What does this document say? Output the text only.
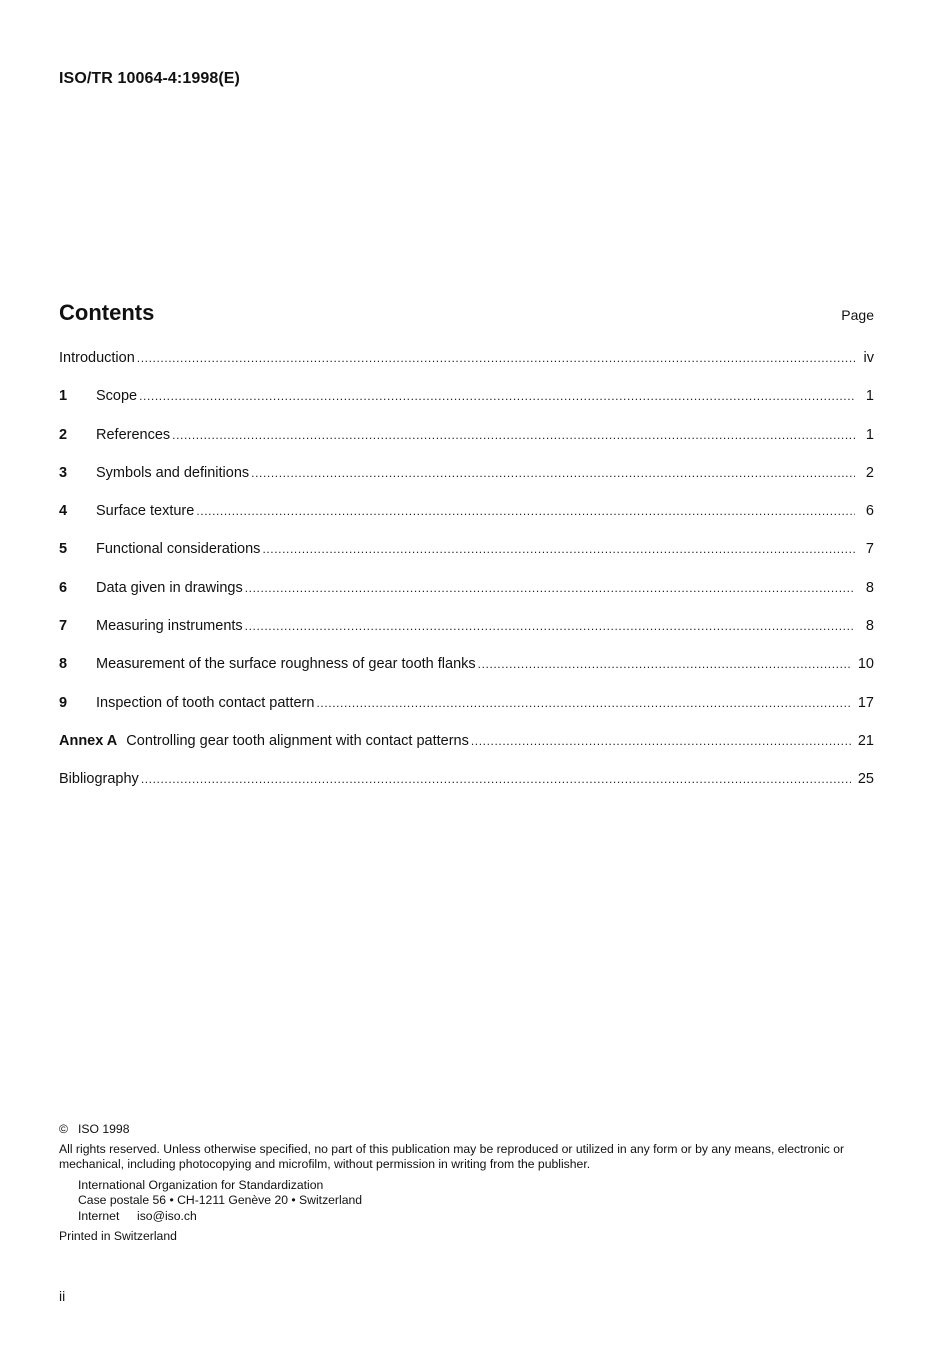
ISO/TR 10064-4:1998(E)
Contents	Page
Introduction .....	iv
1	Scope .....	1
2	References .....	1
3	Symbols and definitions .....	2
4	Surface texture .....	6
5	Functional considerations .....	7
6	Data given in drawings .....	8
7	Measuring instruments .....	8
8	Measurement of the surface roughness of gear tooth flanks .....	10
9	Inspection of tooth contact pattern .....	17
Annex A Controlling gear tooth alignment with contact patterns .....	21
Bibliography .....	25
© ISO 1998
All rights reserved. Unless otherwise specified, no part of this publication may be reproduced or utilized in any form or by any means, electronic or mechanical, including photocopying and microfilm, without permission in writing from the publisher.
International Organization for Standardization
Case postale 56 • CH-1211 Genève 20 • Switzerland
Internet iso@iso.ch
Printed in Switzerland
ii
